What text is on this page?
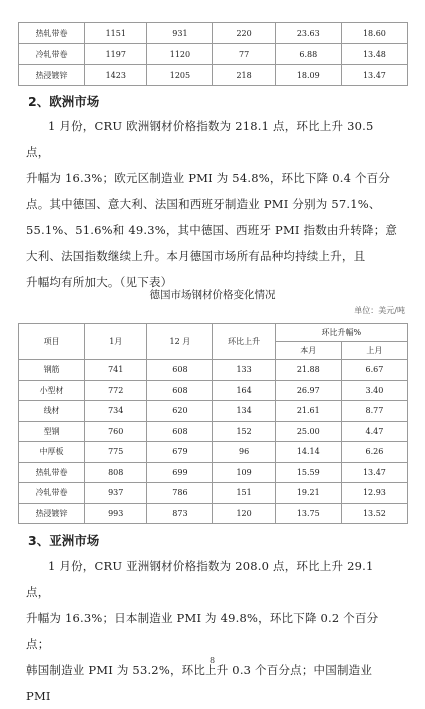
热轧带卷	1151	931	220	23.63	18.60
冷轧带卷	1197	1120	77	6.88	13.48
热浸镀锌	1423	1205	218	18.09	13.47
2、欧洲市场
1 月份，CRU 欧洲钢材价格指数为 218.1 点，环比上升 30.5 点，
升幅为 16.3%；欧元区制造业 PMI 为 54.8%，环比下降 0.4 个百分
点。其中德国、意大利、法国和西班牙制造业 PMI 分别为 57.1%、
55.1%、51.6%和 49.3%，其中德国、西班牙 PMI 指数由升转降；意
大利、法国指数继续上升。本月德国市场所有品种均持续上升，且
升幅均有所加大。（见下表）
德国市场钢材价格变化情况
单位：美元/吨
项目	1月	12 月	环比上升	环比升幅%	
				本月	上月
钢筋	741	608	133	21.88	6.67
小型材	772	608	164	26.97	3.40
线材	734	620	134	21.61	8.77
型钢	760	608	152	25.00	4.47
中厚板	775	679	96	14.14	6.26
热轧带卷	808	699	109	15.59	13.47
冷轧带卷	937	786	151	19.21	12.93
热浸镀锌	993	873	120	13.75	13.52
3、亚洲市场
1 月份，CRU 亚洲钢材价格指数为 208.0 点，环比上升 29.1 点，
升幅为 16.3%；日本制造业 PMI 为 49.8%，环比下降 0.2 个百分点；
韩国制造业 PMI 为 53.2%，环比上升 0.3 个百分点；中国制造业 PMI
8
